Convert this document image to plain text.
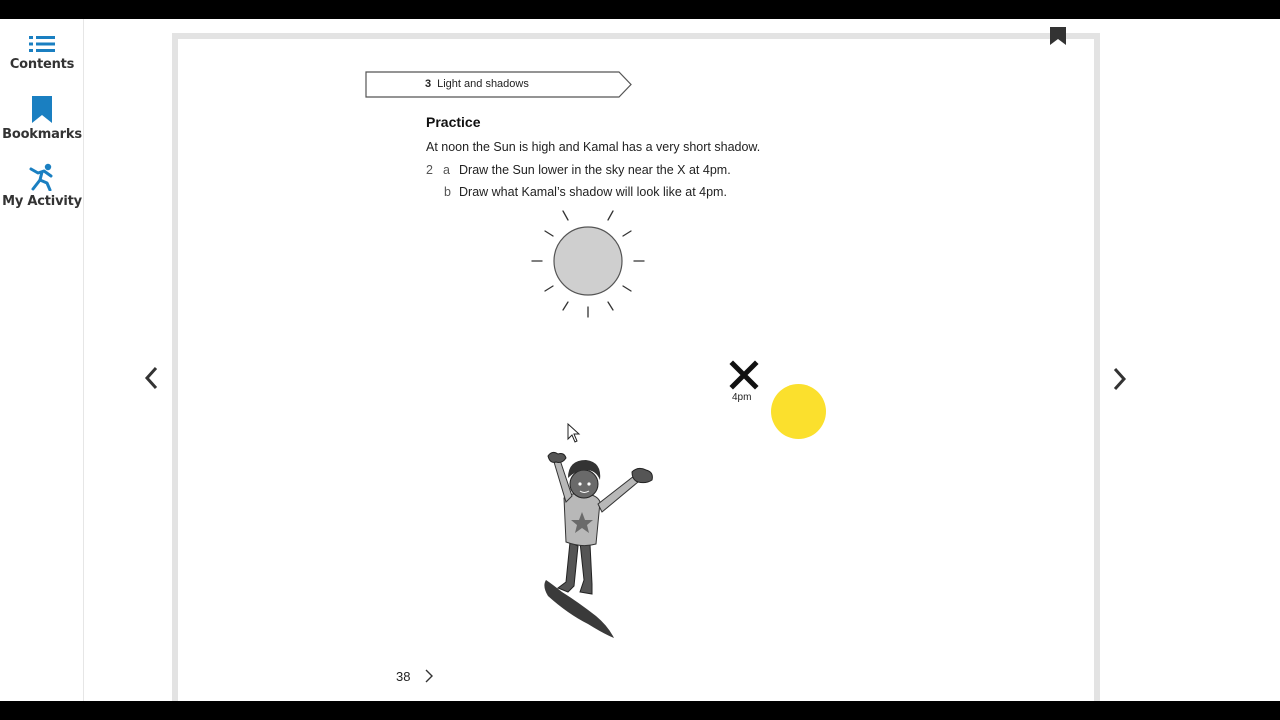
Contents
Bookmarks
My Activity
3 Light and shadows
Practice
At noon the Sun is high and Kamal has a very short shadow.
2 a Draw the Sun lower in the sky near the X at 4pm.
b Draw what Kamal’s shadow will look like at 4pm.
4pm
38
